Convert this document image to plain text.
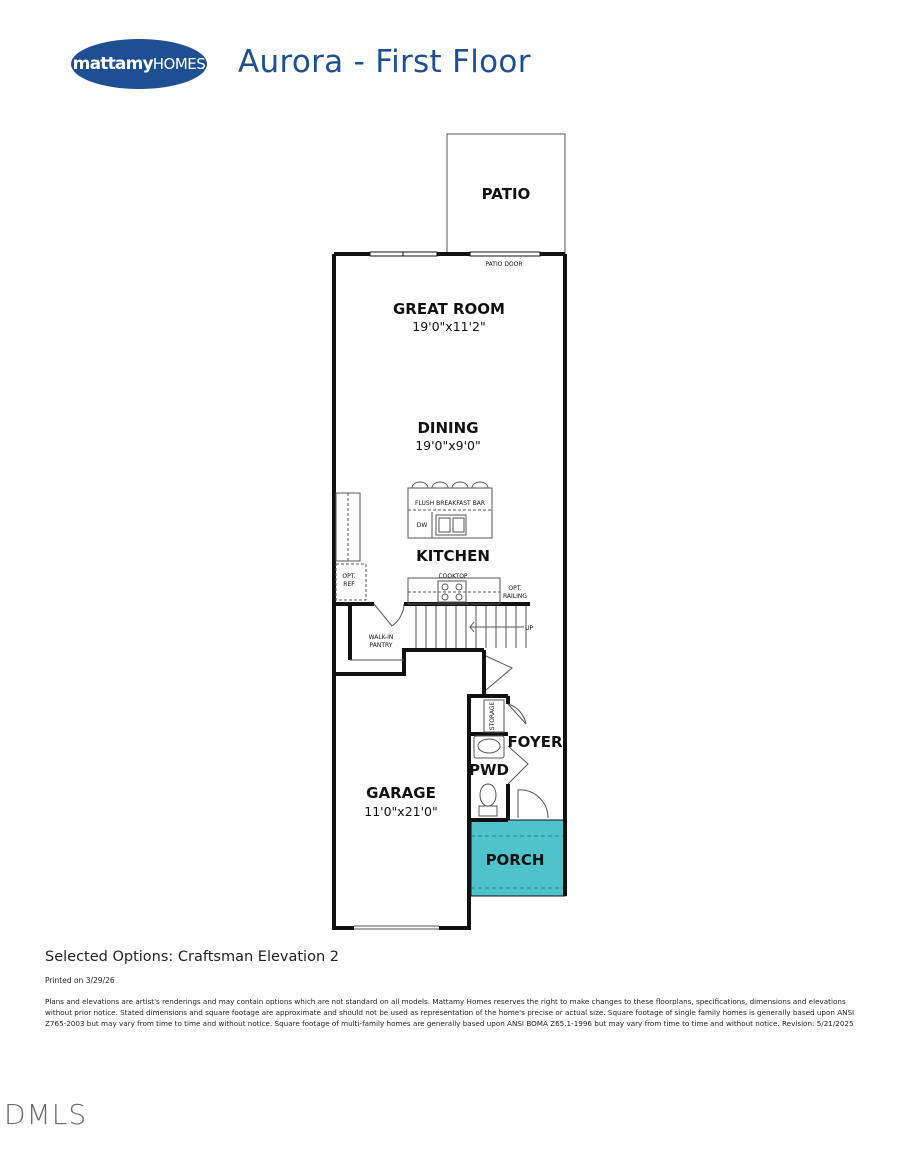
mattamy HOMES Aurora - First Floor
PATIO
PATIO DOOR
GREAT ROOM
19'0"x11'2"
DINING
19'0"x9'0"
FLUSH BREAKFAST BAR
DW
KITCHEN
COOKTOP
OPT.
REF
OPT.
RAILING
WALK-IN
PANTRY
UP
STORAGE
FOYER
PWD
GARAGE
11'0"x21'0"
PORCH
Selected Options: Craftsman Elevation 2
Printed on 3/29/26
Plans and elevations are artist's renderings and may contain options which are not standard on all models. Mattamy Homes reserves the right to make changes to these floorplans, specifications, dimensions and elevations without prior notice. Stated dimensions and square footage are approximate and should not be used as representation of the home's precise or actual size. Square footage of single family homes is generally based upon ANSI Z765-2003 but may vary from time to time and without notice. Square footage of multi-family homes are generally based upon ANSI BOMA Z65.1-1996 but may vary from time to time and without notice. Revision: 5/21/2025
DMLS
